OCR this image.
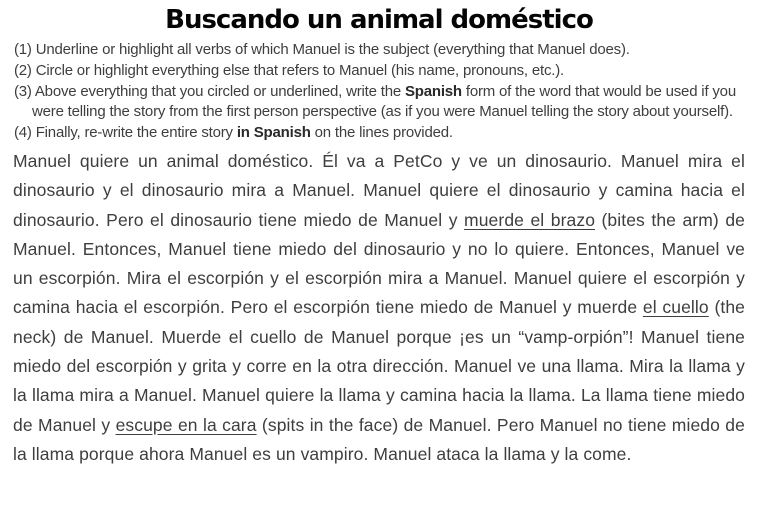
Buscando un animal doméstico
(1) Underline or highlight all verbs of which Manuel is the subject (everything that Manuel does).
(2) Circle or highlight everything else that refers to Manuel (his name, pronouns, etc.).
(3) Above everything that you circled or underlined, write the Spanish form of the word that would be used if you were telling the story from the first person perspective (as if you were Manuel telling the story about yourself).
(4) Finally, re-write the entire story in Spanish on the lines provided.

Manuel quiere un animal doméstico. Él va a PetCo y ve un dinosaurio. Manuel mira el dinosaurio y el dinosaurio mira a Manuel. Manuel quiere el dinosaurio y camina hacia el dinosaurio. Pero el dinosaurio tiene miedo de Manuel y muerde el brazo (bites the arm) de Manuel. Entonces, Manuel tiene miedo del dinosaurio y no lo quiere. Entonces, Manuel ve un escorpión. Mira el escorpión y el escorpión mira a Manuel. Manuel quiere el escorpión y camina hacia el escorpión. Pero el escorpión tiene miedo de Manuel y muerde el cuello (the neck) de Manuel. Muerde el cuello de Manuel porque ¡es un “vamp-orpión”! Manuel tiene miedo del escorpión y grita y corre en la otra dirección. Manuel ve una llama. Mira la llama y la llama mira a Manuel. Manuel quiere la llama y camina hacia la llama. La llama tiene miedo de Manuel y escupe en la cara (spits in the face) de Manuel. Pero Manuel no tiene miedo de la llama porque ahora Manuel es un vampiro. Manuel ataca la llama y la come.
